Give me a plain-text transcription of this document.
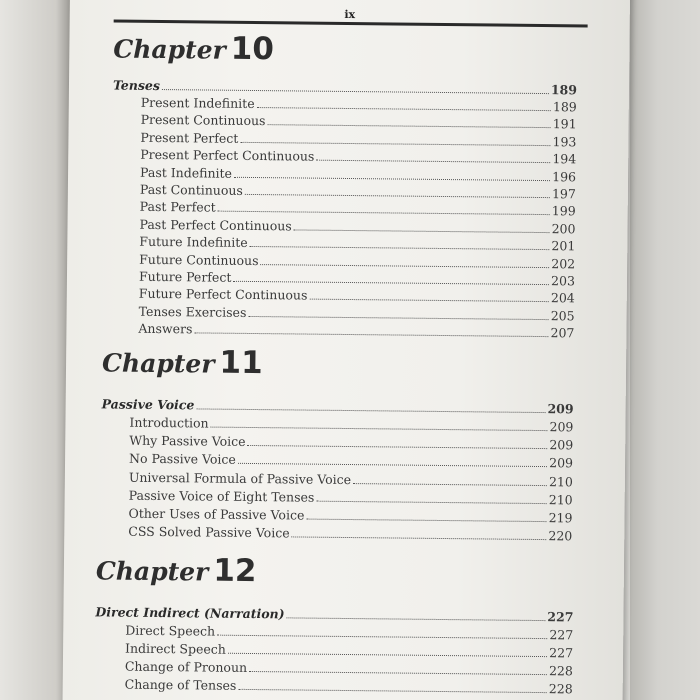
ix
Chapter 10
Tenses	189
Present Indefinite	189
Present Continuous	191
Present Perfect	193
Present Perfect Continuous	194
Past Indefinite	196
Past Continuous	197
Past Perfect	199
Past Perfect Continuous	200
Future Indefinite	201
Future Continuous	202
Future Perfect	203
Future Perfect Continuous	204
Tenses Exercises	205
Answers	207
Chapter 11
Passive Voice	209
Introduction	209
Why Passive Voice	209
No Passive Voice	209
Universal Formula of Passive Voice	210
Passive Voice of Eight Tenses	210
Other Uses of Passive Voice	219
CSS Solved Passive Voice	220
Chapter 12
Direct Indirect (Narration)	227
Direct Speech	227
Indirect Speech	227
Change of Pronoun	228
Change of Tenses	228
